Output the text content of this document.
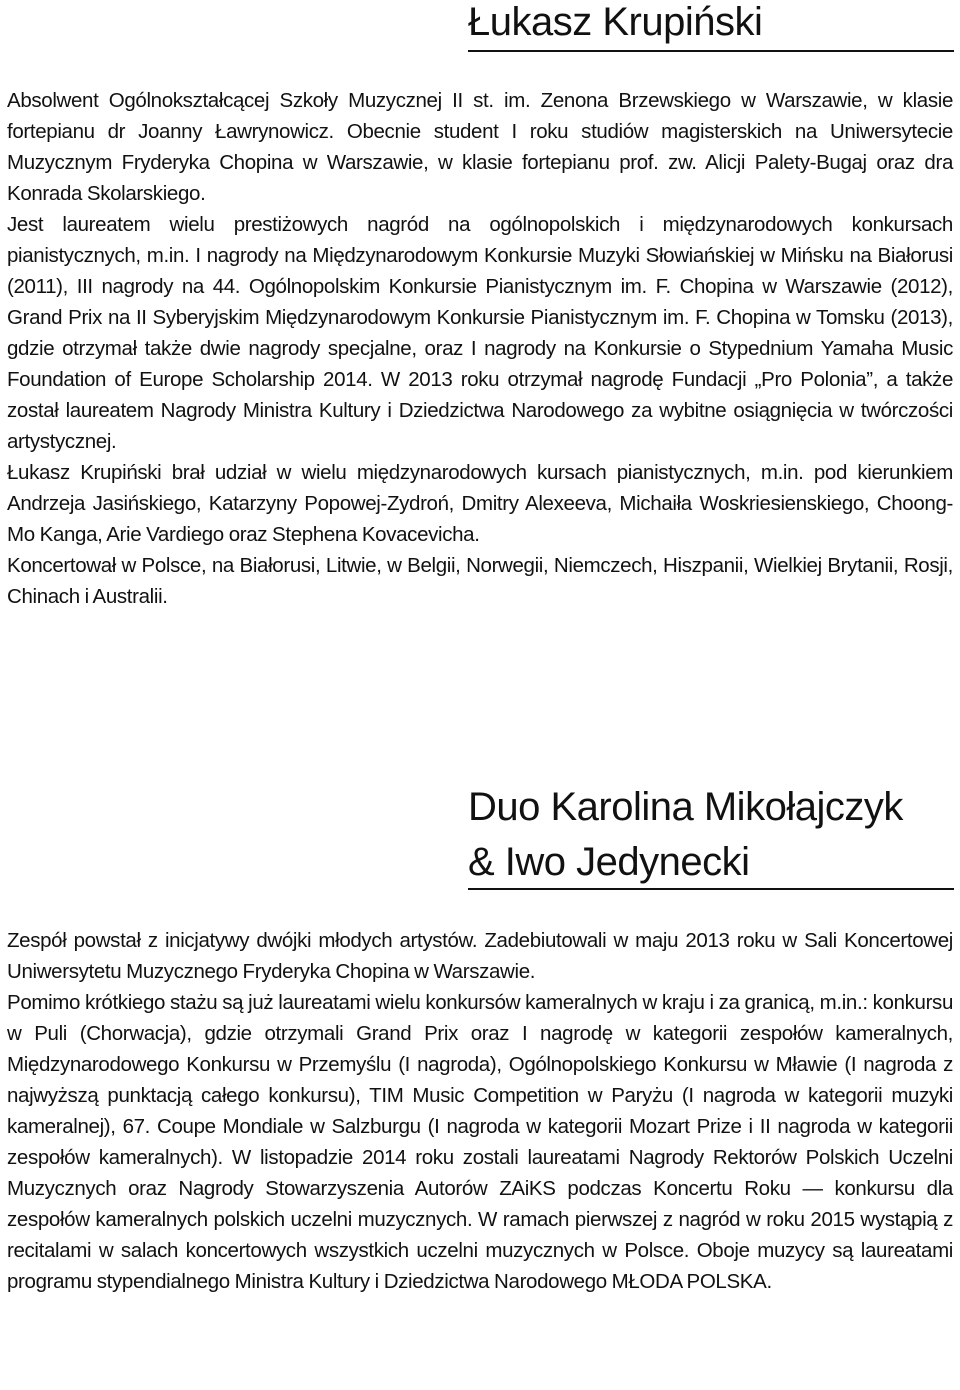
Łukasz Krupiński

Absolwent Ogólnokształcącej Szkoły Muzycznej II st. im. Zenona Brzewskiego w Warszawie, w klasie fortepianu dr Joanny Ławrynowicz. Obecnie student I roku studiów magisterskich na Uniwersytecie Muzycznym Fryderyka Chopina w Warszawie, w klasie fortepianu prof. zw. Alicji Palety-Bugaj oraz dra Konrada Skolarskiego.

Jest laureatem wielu prestiżowych nagród na ogólnopolskich i międzynarodowych konkursach pianistycznych, m.in. I nagrody na Międzynarodowym Konkursie Muzyki Słowiańskiej w Mińsku na Białorusi (2011), III nagrody na 44. Ogólnopolskim Konkursie Pianistycznym im. F. Chopina w Warszawie (2012), Grand Prix na II Syberyjskim Międzynarodowym Konkursie Pianistycznym im. F. Chopina w Tomsku (2013), gdzie otrzymał także dwie nagrody specjalne, oraz I nagrody na Konkursie o Stypednium Yamaha Music Foundation of Europe Scholarship 2014. W 2013 roku otrzymał nagrodę Fundacji „Pro Polonia”, a także został laureatem Nagrody Ministra Kultury i Dziedzictwa Narodowego za wybitne osiągnięcia w twórczości artystycznej.

Łukasz Krupiński brał udział w wielu międzynarodowych kursach pianistycznych, m.in. pod kierunkiem Andrzeja Jasińskiego, Katarzyny Popowej-Zydroń, Dmitry Alexeeva, Michaiła Woskriesienskiego, Choong-Mo Kanga, Arie Vardiego oraz Stephena Kovacevicha.

Koncertował w Polsce, na Białorusi, Litwie, w Belgii, Norwegii, Niemczech, Hiszpanii, Wielkiej Brytanii, Rosji, Chinach i Australii.

Duo Karolina Mikołajczyk
& Iwo Jedynecki

Zespół powstał z inicjatywy dwójki młodych artystów. Zadebiutowali w maju 2013 roku w Sali Koncertowej Uniwersytetu Muzycznego Fryderyka Chopina w Warszawie.

Pomimo krótkiego stażu są już laureatami wielu konkursów kameralnych w kraju i za granicą, m.in.: konkursu w Puli (Chorwacja), gdzie otrzymali Grand Prix oraz I nagrodę w kategorii zespołów kameralnych, Międzynarodowego Konkursu w Przemyślu (I nagroda), Ogólnopolskiego Konkursu w Mławie (I nagroda z najwyższą punktacją całego konkursu), TIM Music Competition w Paryżu (I nagroda w kategorii muzyki kameralnej), 67. Coupe Mondiale w Salzburgu (I nagroda w kategorii Mozart Prize i II nagroda w kategorii zespołów kameralnych). W listopadzie 2014 roku zostali laureatami Nagrody Rektorów Polskich Uczelni Muzycznych oraz Nagrody Stowarzyszenia Autorów ZAiKS podczas Koncertu Roku — konkursu dla zespołów kameralnych polskich uczelni muzycznych. W ramach pierwszej z nagród w roku 2015 wystąpią z recitalami w salach koncertowych wszystkich uczelni muzycznych w Polsce. Oboje muzycy są laureatami programu stypendialnego Ministra Kultury i Dziedzictwa Narodowego MŁODA POLSKA.
